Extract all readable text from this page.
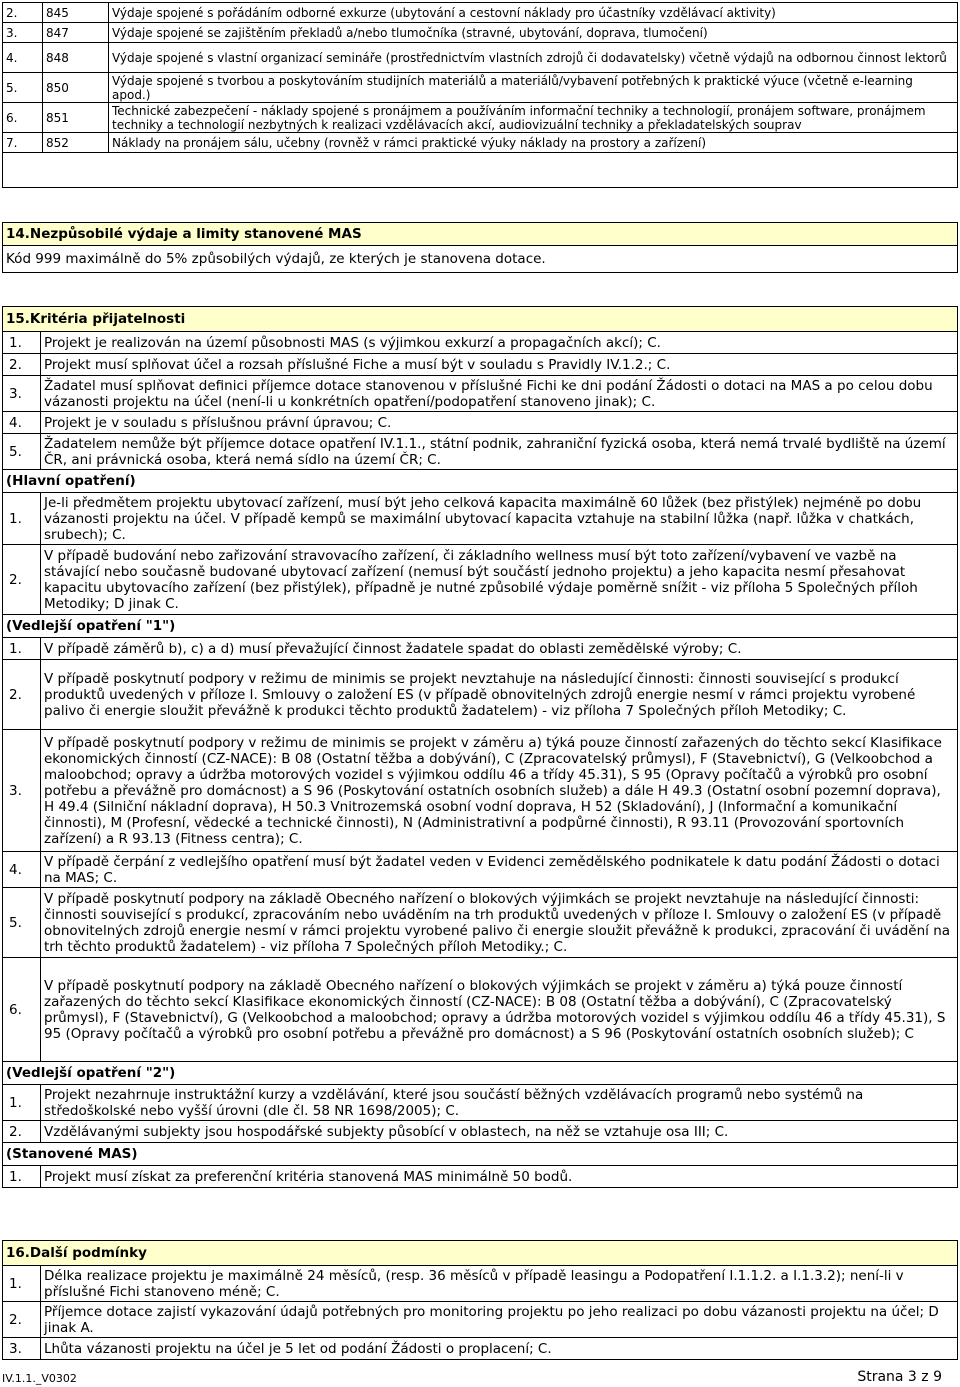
2.	845	Výdaje spojené s pořádáním odborné exkurze (ubytování a cestovní náklady pro účastníky vzdělávací aktivity)
3.	847	Výdaje spojené se zajištěním překladů a/nebo tlumočníka (stravné, ubytování, doprava, tlumočení)
4.	848	Výdaje spojené s vlastní organizací semináře (prostřednictvím vlastních zdrojů či dodavatelsky) včetně výdajů na odbornou činnost lektorů
5.	850	Výdaje spojené s tvorbou a poskytováním studijních materiálů a materiálů/vybavení potřebných k praktické výuce (včetně e-learning apod.)
6.	851	Technické zabezpečení - náklady spojené s pronájmem a používáním informační techniky a technologií, pronájem software, pronájmem techniky a technologií nezbytných k realizaci vzdělávacích akcí, audiovizuální techniky a překladatelských souprav
7.	852	Náklady na pronájem sálu, učebny (rovněž v rámci praktické výuky náklady na prostory a zařízení)

14.Nezpůsobilé výdaje a limity stanovené MAS
Kód 999 maximálně do 5% způsobilých výdajů, ze kterých je stanovena dotace.
15.Kritéria přijatelnosti	
1.	Projekt je realizován na území působnosti MAS (s výjimkou exkurzí a propagačních akcí); C.
2.	Projekt musí splňovat účel a rozsah příslušné Fiche a musí být v souladu s Pravidly IV.1.2.; C.
3.	Žadatel musí splňovat definici příjemce dotace stanovenou v příslušné Fichi ke dni podání Žádosti o dotaci na MAS a po celou dobu vázanosti projektu na účel (není-li u konkrétních opatření/podopatření stanoveno jinak); C.
4.	Projekt je v souladu s příslušnou právní úpravou; C.
5.	Žadatelem nemůže být příjemce dotace opatření IV.1.1., státní podnik, zahraniční fyzická osoba, která nemá trvalé bydliště na území ČR, ani právnická osoba, která nemá sídlo na území ČR; C.
(Hlavní opatření)	
1.	Je-li předmětem projektu ubytovací zařízení, musí být jeho celková kapacita maximálně 60 lůžek (bez přistýlek) nejméně po dobu vázanosti projektu na účel. V případě kempů se maximální ubytovací kapacita vztahuje na stabilní lůžka (např. lůžka v chatkách, srubech); C.
2.	V případě budování nebo zařizování stravovacího zařízení, či základního wellness musí být toto zařízení/vybavení ve vazbě na stávající nebo současně budované ubytovací zařízení (nemusí být součástí jednoho projektu) a jeho kapacita nesmí přesahovat kapacitu ubytovacího zařízení (bez přistýlek), případně je nutné způsobilé výdaje poměrně snížit - viz příloha 5 Společných příloh Metodiky; D jinak C.
(Vedlejší opatření "1")	
1.	V případě záměrů b), c) a d) musí převažující činnost žadatele spadat do oblasti zemědělské výroby; C.
2.	V případě poskytnutí podpory v režimu de minimis se projekt nevztahuje na následující činnosti: činnosti související s produkcí produktů uvedených v příloze I. Smlouvy o založení ES (v případě obnovitelných zdrojů energie nesmí v rámci projektu vyrobené palivo či energie sloužit převážně k produkci těchto produktů žadatelem) - viz příloha 7 Společných příloh Metodiky; C.
3.	V případě poskytnutí podpory v režimu de minimis se projekt v záměru a) týká pouze činností zařazených do těchto sekcí Klasifikace ekonomických činností (CZ-NACE): B 08 (Ostatní těžba a dobývání), C (Zpracovatelský průmysl), F (Stavebnictví), G (Velkoobchod a maloobchod; opravy a údržba motorových vozidel s výjimkou oddílu 46 a třídy 45.31), S 95 (Opravy počítačů a výrobků pro osobní potřebu a převážně pro domácnost) a S 96 (Poskytování ostatních osobních služeb) a dále H 49.3 (Ostatní osobní pozemní doprava), H 49.4 (Silniční nákladní doprava), H 50.3 Vnitrozemská osobní vodní doprava, H 52 (Skladování), J (Informační a komunikační činnosti), M (Profesní, vědecké a technické činnosti), N (Administrativní a podpůrné činnosti), R 93.11 (Provozování sportovních zařízení) a R 93.13 (Fitness centra); C.
4.	V případě čerpání z vedlejšího opatření musí být žadatel veden v Evidenci zemědělského podnikatele k datu podání Žádosti o dotaci na MAS; C.
5.	V případě poskytnutí podpory na základě Obecného nařízení o blokových výjimkách se projekt nevztahuje na následující činnosti: činnosti související s produkcí, zpracováním nebo uváděním na trh produktů uvedených v příloze I. Smlouvy o založení ES (v případě obnovitelných zdrojů energie nesmí v rámci projektu vyrobené palivo či energie sloužit převážně k produkci, zpracování či uvádění na trh těchto produktů žadatelem) - viz příloha 7 Společných příloh Metodiky.; C.
6.	V případě poskytnutí podpory na základě Obecného nařízení o blokových výjimkách se projekt v záměru a) týká pouze činností zařazených do těchto sekcí Klasifikace ekonomických činností (CZ-NACE): B 08 (Ostatní těžba a dobývání), C (Zpracovatelský průmysl), F (Stavebnictví), G (Velkoobchod a maloobchod; opravy a údržba motorových vozidel s výjimkou oddílu 46 a třídy 45.31), S 95 (Opravy počítačů a výrobků pro osobní potřebu a převážně pro domácnost) a S 96 (Poskytování ostatních osobních služeb); C
(Vedlejší opatření "2")	
1.	Projekt nezahrnuje instruktážní kurzy a vzdělávání, které jsou součástí běžných vzdělávacích programů nebo systémů na středoškolské nebo vyšší úrovni (dle čl. 58 NR 1698/2005); C.
2.	Vzdělávanými subjekty jsou hospodářské subjekty působící v oblastech, na něž se vztahuje osa III; C.
(Stanovené MAS)	
1.	Projekt musí získat za preferenční kritéria stanovená MAS minimálně 50 bodů.
16.Další podmínky	
1.	Délka realizace projektu je maximálně 24 měsíců, (resp. 36 měsíců v případě leasingu a Podopatření I.1.1.2. a I.1.3.2); není-li v příslušné Fichi stanoveno méně; C.
2.	Příjemce dotace zajistí vykazování údajů potřebných pro monitoring projektu po jeho realizaci po dobu vázanosti projektu na účel; D jinak A.
3.	Lhůta vázanosti projektu na účel je 5 let od podání Žádosti o proplacení; C.
IV.1.1._V0302	Strana 3 z 9
